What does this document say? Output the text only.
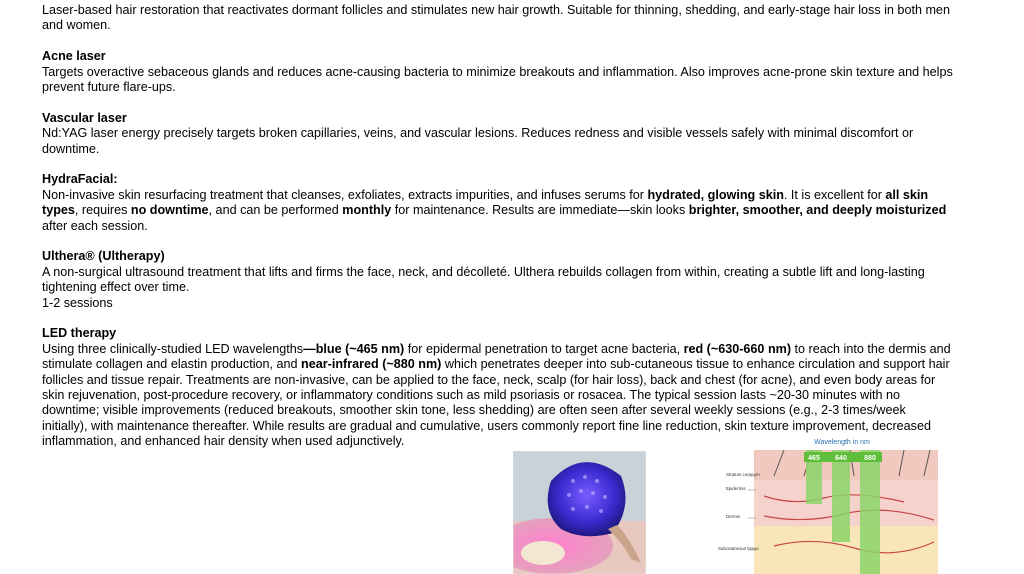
Laser-based hair restoration that reactivates dormant follicles and stimulates new hair growth. Suitable for thinning, shedding, and early-stage hair loss in both men and women.

Acne laser

Targets overactive sebaceous glands and reduces acne-causing bacteria to minimize breakouts and inflammation. Also improves acne-prone skin texture and helps prevent future flare-ups.

Vascular laser

Nd:YAG laser energy precisely targets broken capillaries, veins, and vascular lesions. Reduces redness and visible vessels safely with minimal discomfort or downtime.

HydraFacial:

Non-invasive skin resurfacing treatment that cleanses, exfoliates, extracts impurities, and infuses serums for hydrated, glowing skin. It is excellent for all skin types, requires no downtime, and can be performed monthly for maintenance. Results are immediate—skin looks brighter, smoother, and deeply moisturized after each session.

Ulthera® (Ultherapy)

A non-surgical ultrasound treatment that lifts and firms the face, neck, and décolleté. Ulthera rebuilds collagen from within, creating a subtle lift and long-lasting tightening effect over time.

1-2 sessions

LED therapy

Using three clinically-studied LED wavelengths—blue (~465 nm) for epidermal penetration to target acne bacteria, red (~630-660 nm) to reach into the dermis and stimulate collagen and elastin production, and near-infrared (~880 nm) which penetrates deeper into sub-cutaneous tissue to enhance circulation and support hair follicles and tissue repair. Treatments are non-invasive, can be applied to the face, neck, scalp (for hair loss), back and chest (for acne), and even body areas for skin rejuvenation, post-procedure recovery, or inflammatory conditions such as mild psoriasis or rosacea. The typical session lasts ~20-30 minutes with no downtime; visible improvements (reduced breakouts, smoother skin tone, less shedding) are often seen after several weekly sessions (e.g., 2-3 times/week initially), with maintenance thereafter. While results are gradual and cumulative, users commonly report fine line reduction, skin texture improvement, decreased inflammation, and enhanced hair density when used adjunctively.	Wavelength in nm
465 640 880
Stratum corneum
Epidermis
Dermis
Subcutaneous tissue
